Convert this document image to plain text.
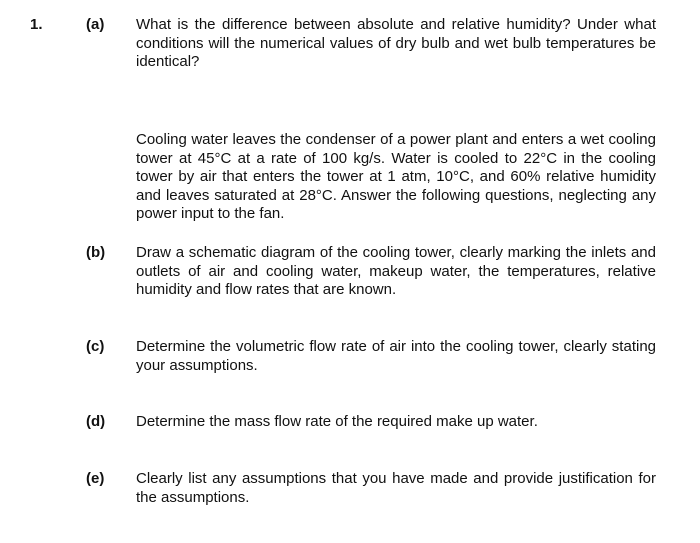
1.	(a) What is the difference between absolute and relative humidity? Under what conditions will the numerical values of dry bulb and wet bulb temperatures be identical?

Cooling water leaves the condenser of a power plant and enters a wet cooling tower at 45°C at a rate of 100 kg/s. Water is cooled to 22°C in the cooling tower by air that enters the tower at 1 atm, 10°C, and 60% relative humidity and leaves saturated at 28°C. Answer the following questions, neglecting any power input to the fan.

(b) Draw a schematic diagram of the cooling tower, clearly marking the inlets and outlets of air and cooling water, makeup water, the temperatures, relative humidity and flow rates that are known.

(c) Determine the volumetric flow rate of air into the cooling tower, clearly stating your assumptions.

(d) Determine the mass flow rate of the required make up water.

(e) Clearly list any assumptions that you have made and provide justification for the assumptions.
